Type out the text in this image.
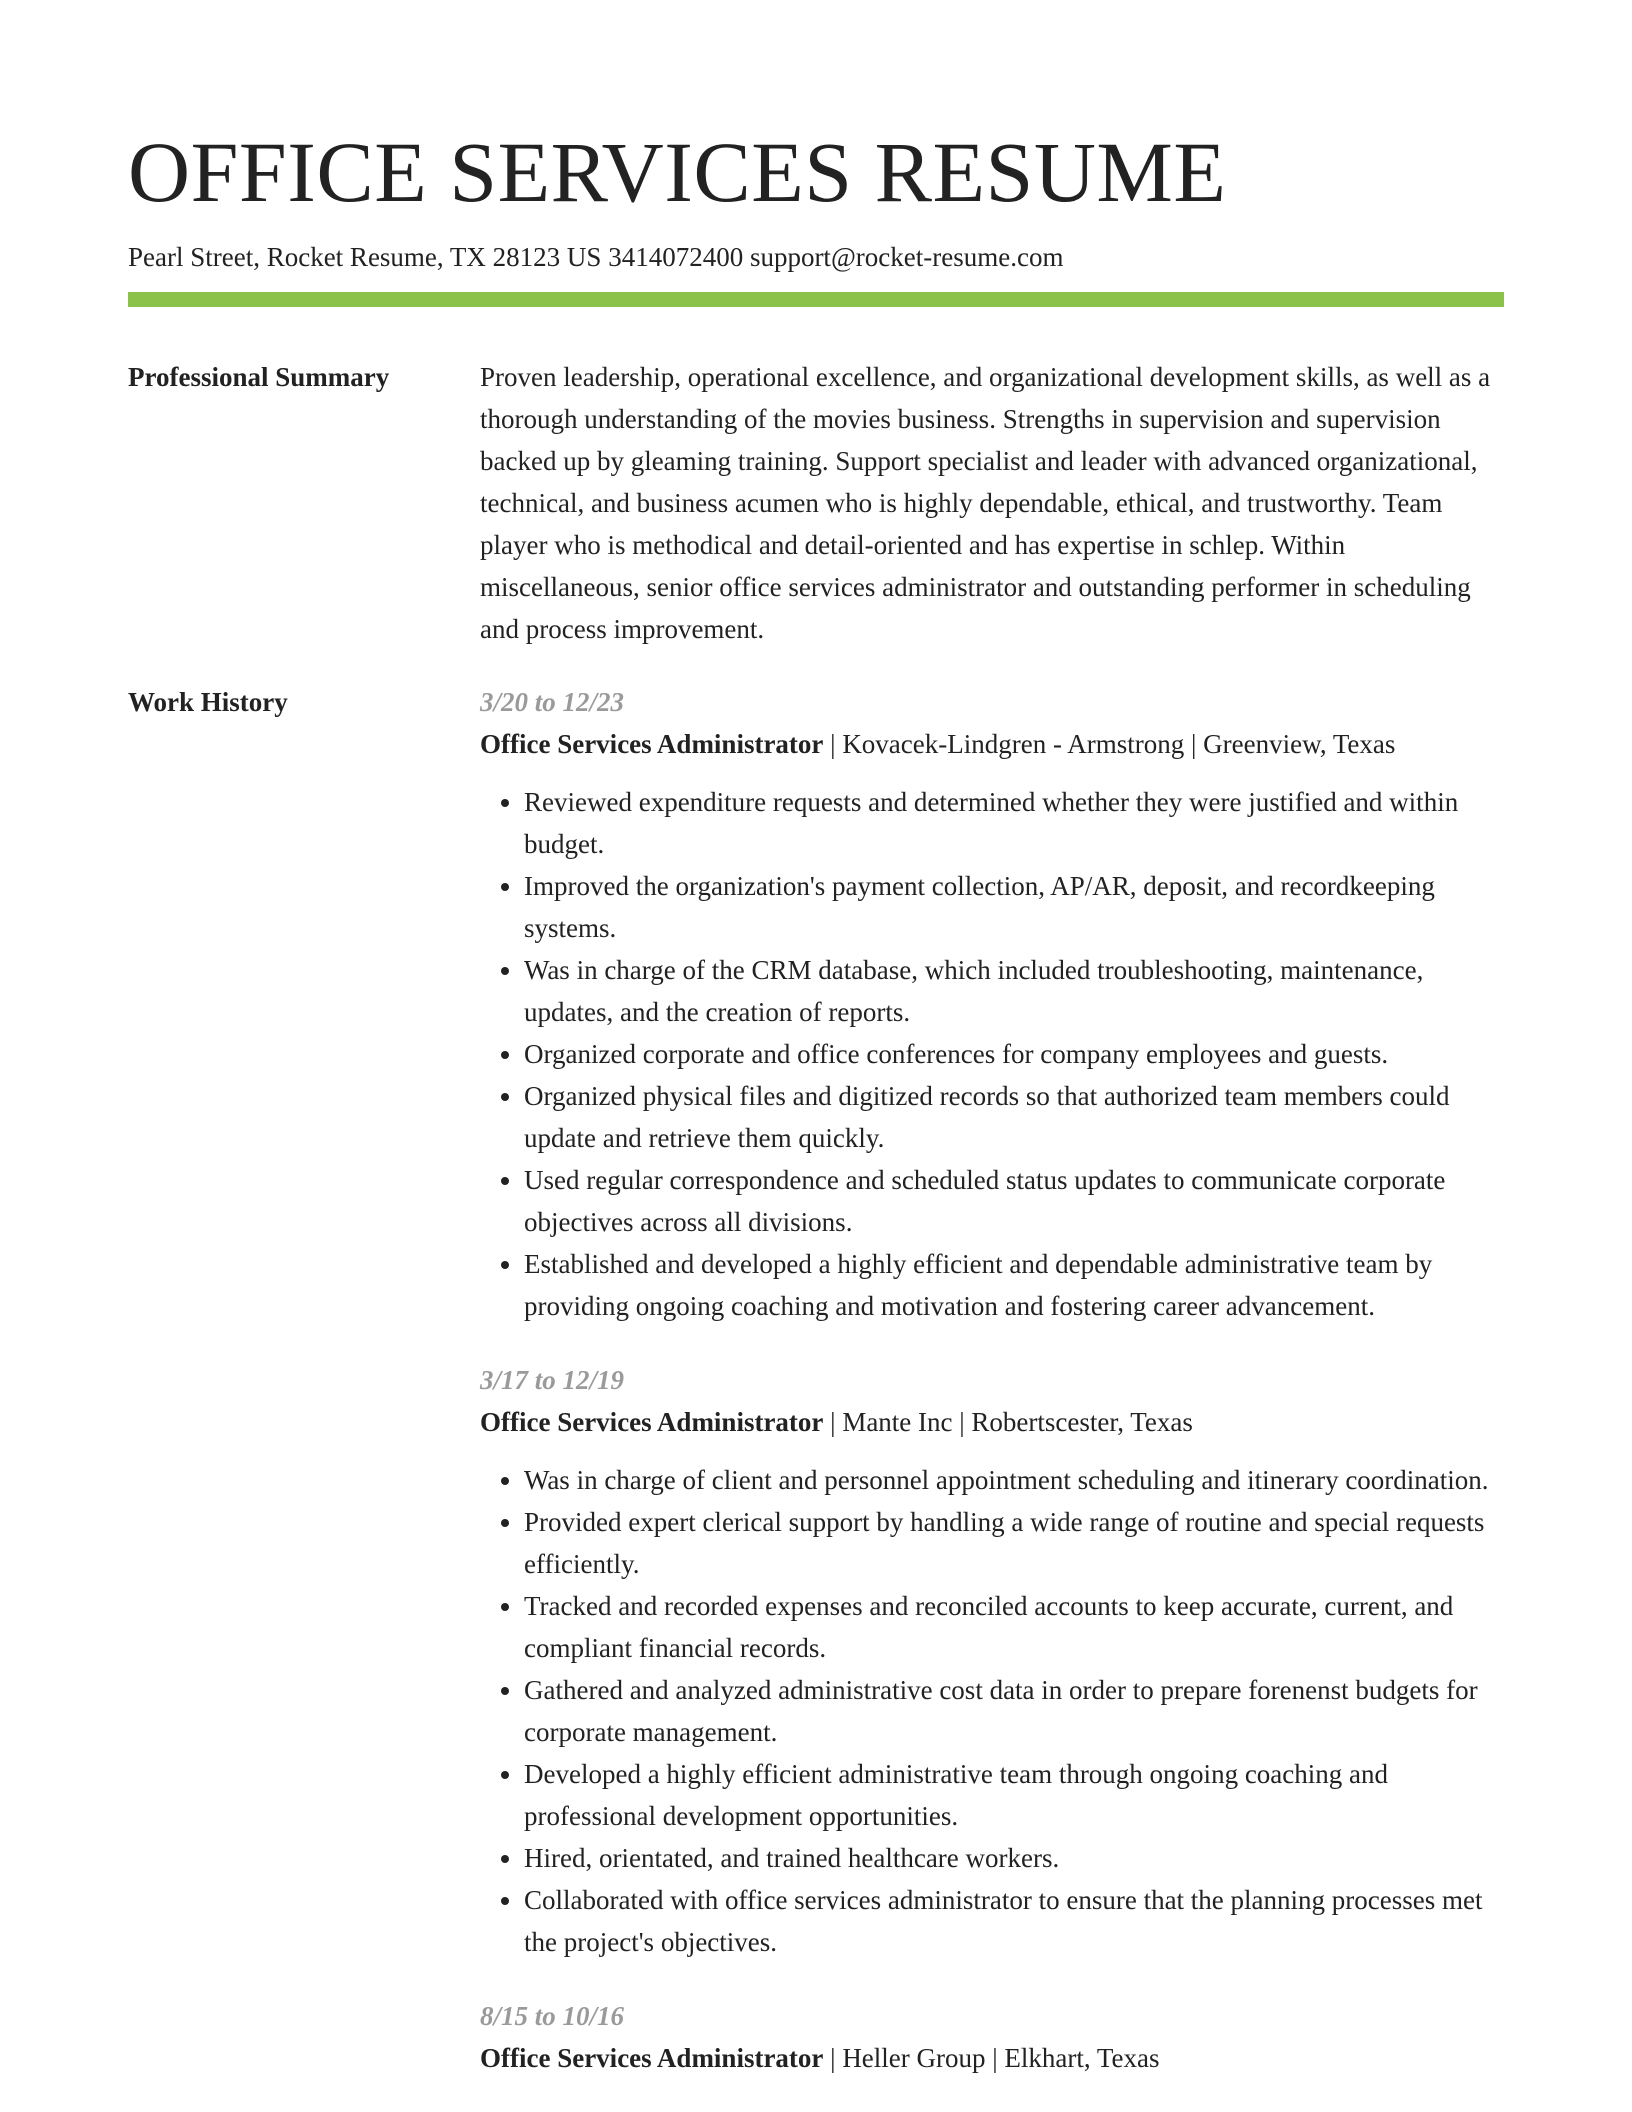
OFFICE SERVICES RESUME
Pearl Street, Rocket Resume, TX 28123 US 3414072400 support@rocket-resume.com
Professional Summary	Proven leadership, operational excellence, and organizational development skills, as well as a thorough understanding of the movies business. Strengths in supervision and supervision backed up by gleaming training. Support specialist and leader with advanced organizational, technical, and business acumen who is highly dependable, ethical, and trustworthy. Team player who is methodical and detail-oriented and has expertise in schlep. Within miscellaneous, senior office services administrator and outstanding performer in scheduling and process improvement.

Work History	3/20 to 12/23
Office Services Administrator | Kovacek-Lindgren - Armstrong | Greenview, Texas
• Reviewed expenditure requests and determined whether they were justified and within budget.
• Improved the organization's payment collection, AP/AR, deposit, and recordkeeping systems.
• Was in charge of the CRM database, which included troubleshooting, maintenance, updates, and the creation of reports.
• Organized corporate and office conferences for company employees and guests.
• Organized physical files and digitized records so that authorized team members could update and retrieve them quickly.
• Used regular correspondence and scheduled status updates to communicate corporate objectives across all divisions.
• Established and developed a highly efficient and dependable administrative team by providing ongoing coaching and motivation and fostering career advancement.
3/17 to 12/19
Office Services Administrator | Mante Inc | Robertscester, Texas
• Was in charge of client and personnel appointment scheduling and itinerary coordination.
• Provided expert clerical support by handling a wide range of routine and special requests efficiently.
• Tracked and recorded expenses and reconciled accounts to keep accurate, current, and compliant financial records.
• Gathered and analyzed administrative cost data in order to prepare forenenst budgets for corporate management.
• Developed a highly efficient administrative team through ongoing coaching and professional development opportunities.
• Hired, orientated, and trained healthcare workers.
• Collaborated with office services administrator to ensure that the planning processes met the project's objectives.
8/15 to 10/16
Office Services Administrator | Heller Group | Elkhart, Texas
